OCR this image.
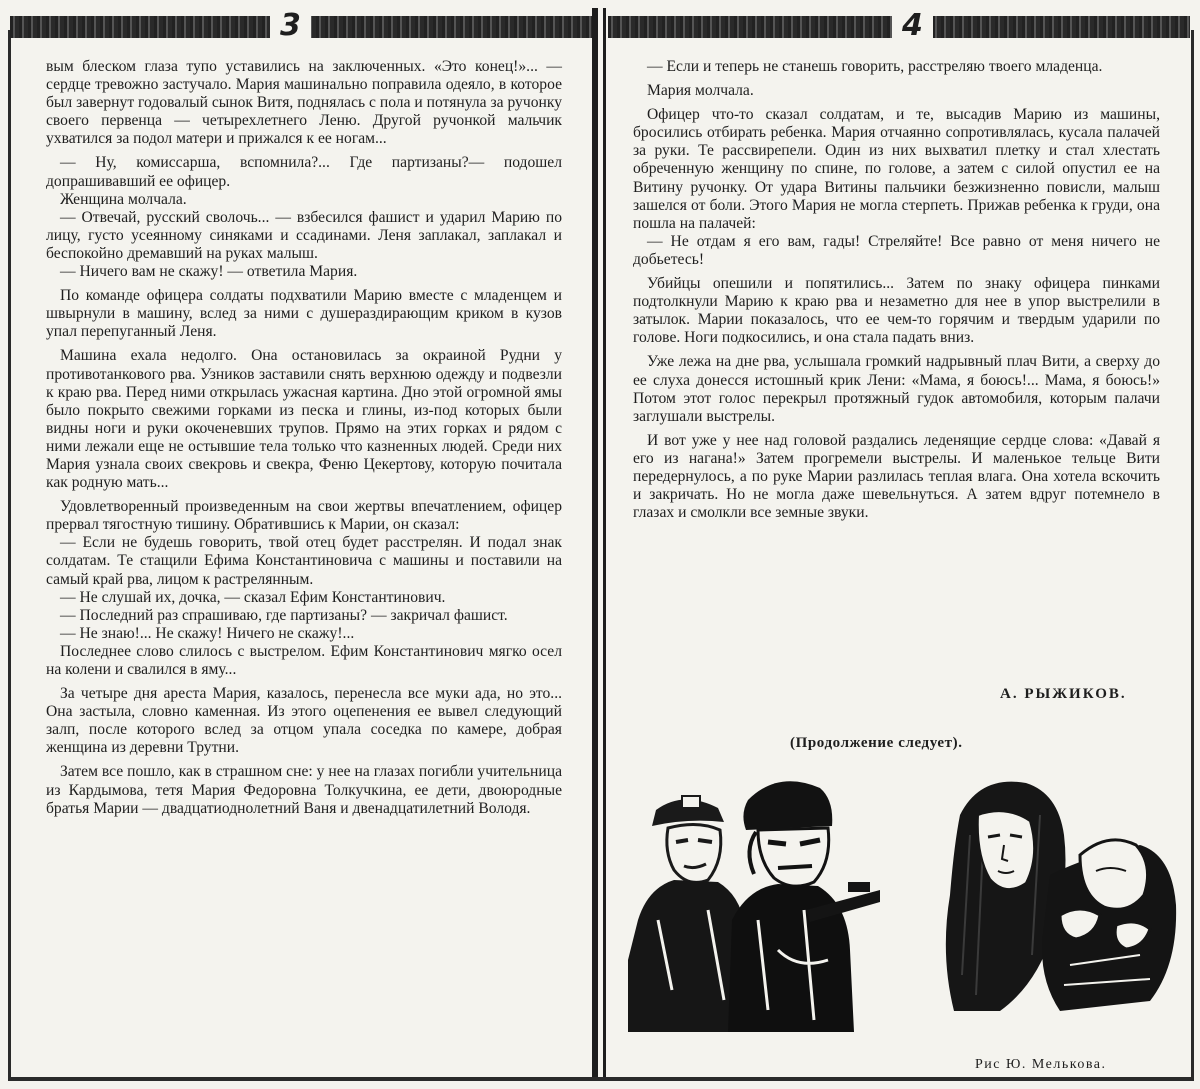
3	4

вым блеском глаза тупо уставились на заключенных. «Это конец!»... — сердце тревожно застучало. Мария машинально поправила одеяло, в которое был завернут годовалый сынок Витя, поднялась с пола и потянула за ручонку своего первенца — четырехлетнего Леню. Другой ручонкой мальчик ухватился за подол матери и прижался к ее ногам...

— Ну, комиссарша, вспомнила?... Где партизаны?— подошел допрашивавший ее офицер.

Женщина молчала.

— Отвечай, русский сволочь... — взбесился фашист и ударил Марию по лицу, густо усеянному синяками и ссадинами. Леня заплакал, заплакал и беспокойно дремавший на руках малыш.

— Ничего вам не скажу! — ответила Мария.

По команде офицера солдаты подхватили Марию вместе с младенцем и швырнули в машину, вслед за ними с душераздирающим криком в кузов упал перепуганный Леня.

Машина ехала недолго. Она остановилась за окраиной Рудни у противотанкового рва. Узников заставили снять верхнюю одежду и подвезли к краю рва. Перед ними открылась ужасная картина. Дно этой огромной ямы было покрыто свежими горками из песка и глины, из-под которых были видны ноги и руки окоченевших трупов. Прямо на этих горках и рядом с ними лежали еще не остывшие тела только что казненных людей. Среди них Мария узнала своих свекровь и свекра, Феню Цекертову, которую почитала как родную мать...

Удовлетворенный произведенным на свои жертвы впечатлением, офицер прервал тягостную тишину. Обратившись к Марии, он сказал:

— Если не будешь говорить, твой отец будет расстрелян. И подал знак солдатам. Те стащили Ефима Константиновича с машины и поставили на самый край рва, лицом к растрелянным.

— Не слушай их, дочка, — сказал Ефим Константинович.

— Последний раз спрашиваю, где партизаны? — закричал фашист.

— Не знаю!... Не скажу! Ничего не скажу!...

Последнее слово слилось с выстрелом. Ефим Константинович мягко осел на колени и свалился в яму...

За четыре дня ареста Мария, казалось, перенесла все муки ада, но это... Она застыла, словно каменная. Из этого оцепенения ее вывел следующий залп, после которого вслед за отцом упала соседка по камере, добрая женщина из деревни Трутни.

Затем все пошло, как в страшном сне: у нее на глазах погибли учительница из Кардымова, тетя Мария Федоровна Толкучкина, ее дети, двоюродные братья Марии — двадцатиоднолетний Ваня и двенадцатилетний Володя.

— Если и теперь не станешь говорить, расстреляю твоего младенца.

Мария молчала.

Офицер что-то сказал солдатам, и те, высадив Марию из машины, бросились отбирать ребенка. Мария отчаянно сопротивлялась, кусала палачей за руки. Те рассвирепели. Один из них выхватил плетку и стал хлестать обреченную женщину по спине, по голове, а затем с силой опустил ее на Витину ручонку. От удара Витины пальчики безжизненно повисли, малыш зашелся от боли. Этого Мария не могла стерпеть. Прижав ребенка к груди, она пошла на палачей:

— Не отдам я его вам, гады! Стреляйте! Все равно от меня ничего не добьетесь!

Убийцы опешили и попятились... Затем по знаку офицера пинками подтолкнули Марию к краю рва и незаметно для нее в упор выстрелили в затылок. Марии показалось, что ее чем-то горячим и твердым ударили по голове. Ноги подкосились, и она стала падать вниз.

Уже лежа на дне рва, услышала громкий надрывный плач Вити, а сверху до ее слуха донесся истошный крик Лени: «Мама, я боюсь!... Мама, я боюсь!» Потом этот голос перекрыл протяжный гудок автомобиля, которым палачи заглушали выстрелы.

И вот уже у нее над головой раздались леденящие сердце слова: «Давай я его из нагана!» Затем прогремели выстрелы. И маленькое тельце Вити передернулось, а по руке Марии разлилась теплая влага. Она хотела вскочить и закричать. Но не могла даже шевельнуться. А затем вдруг потемнело в глазах и смолкли все земные звуки.

А. РЫЖИКОВ.
(Продолжение следует).
Рис Ю. Мелькова.
